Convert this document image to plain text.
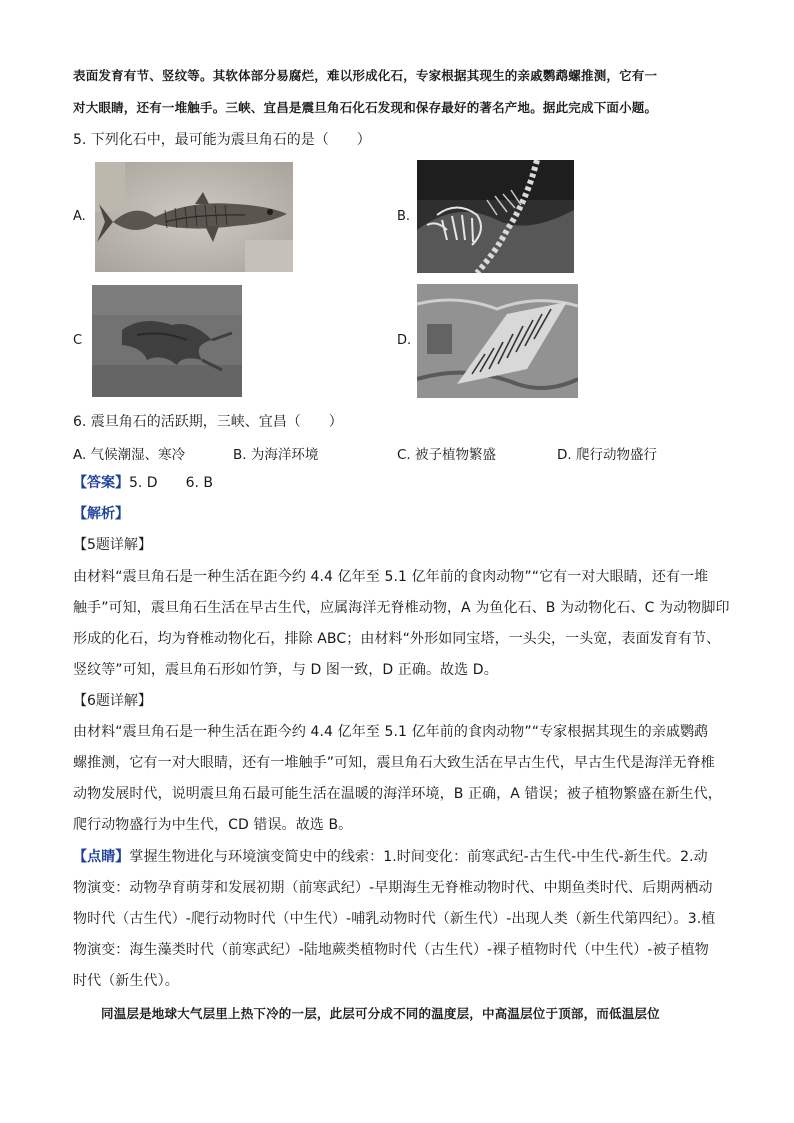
表面发育有节、竖纹等。其软体部分易腐烂，难以形成化石，专家根据其现生的亲戚鹦鹉螺推测，它有一
对大眼睛，还有一堆触手。三峡、宜昌是震旦角石化石发现和保存最好的著名产地。据此完成下面小题。
5. 下列化石中，最可能为震旦角石的是（　　）
A.	B.
C	D.
6. 震旦角石的活跃期，三峡、宜昌（　　）
A. 气候潮湿、寒冷	B. 为海洋环境	C. 被子植物繁盛	D. 爬行动物盛行
【答案】5. D　　6. B
【解析】
【5题详解】
由材料“震旦角石是一种生活在距今约 4.4 亿年至 5.1 亿年前的食肉动物”“它有一对大眼睛，还有一堆
触手”可知，震旦角石生活在早古生代，应属海洋无脊椎动物，A 为鱼化石、B 为动物化石、C 为动物脚印
形成的化石，均为脊椎动物化石，排除 ABC；由材料“外形如同宝塔，一头尖，一头宽，表面发育有节、
竖纹等”可知，震旦角石形如竹笋，与 D 图一致，D 正确。故选 D。
【6题详解】
由材料“震旦角石是一种生活在距今约 4.4 亿年至 5.1 亿年前的食肉动物”“专家根据其现生的亲戚鹦鹉
螺推测，它有一对大眼睛，还有一堆触手”可知，震旦角石大致生活在早古生代，早古生代是海洋无脊椎
动物发展时代，说明震旦角石最可能生活在温暖的海洋环境，B 正确，A 错误；被子植物繁盛在新生代，
爬行动物盛行为中生代，CD 错误。故选 B。
【点睛】掌握生物进化与环境演变简史中的线索：1.时间变化：前寒武纪-古生代-中生代-新生代。2.动
物演变：动物孕育萌芽和发展初期（前寒武纪）-早期海生无脊椎动物时代、中期鱼类时代、后期两栖动
物时代（古生代）-爬行动物时代（中生代）-哺乳动物时代（新生代）-出现人类（新生代第四纪）。3.植
物演变：海生藻类时代（前寒武纪）-陆地蕨类植物时代（古生代）-裸子植物时代（中生代）-被子植物
时代（新生代）。
同温层是地球大气层里上热下冷的一层，此层可分成不同的温度层，中高温层位于顶部，而低温层位
